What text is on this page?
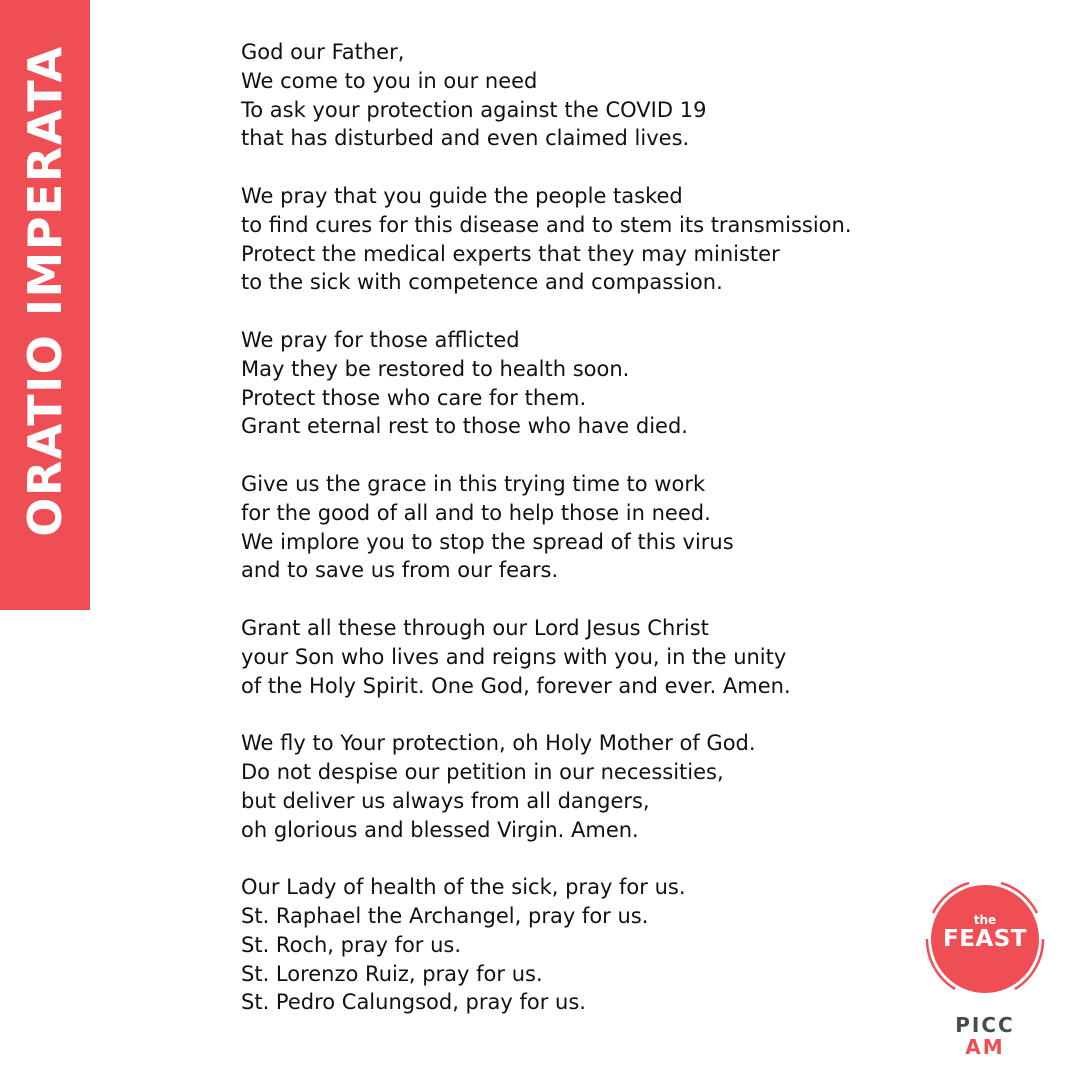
ORATIO IMPERATA	God our Father,
We come to you in our need
To ask your protection against the COVID 19
that has disturbed and even claimed lives.
We pray that you guide the people tasked
to find cures for this disease and to stem its transmission.
Protect the medical experts that they may minister
to the sick with competence and compassion.
We pray for those afflicted
May they be restored to health soon.
Protect those who care for them.
Grant eternal rest to those who have died.
Give us the grace in this trying time to work
for the good of all and to help those in need.
We implore you to stop the spread of this virus
and to save us from our fears.
Grant all these through our Lord Jesus Christ
your Son who lives and reigns with you, in the unity
of the Holy Spirit. One God, forever and ever. Amen.
We fly to Your protection, oh Holy Mother of God.
Do not despise our petition in our necessities,
but deliver us always from all dangers,
oh glorious and blessed Virgin. Amen.
Our Lady of health of the sick, pray for us.
St. Raphael the Archangel, pray for us.
St. Roch, pray for us.
St. Lorenzo Ruiz, pray for us.
St. Pedro Calungsod, pray for us.
the
FEAST
PICC
AM
